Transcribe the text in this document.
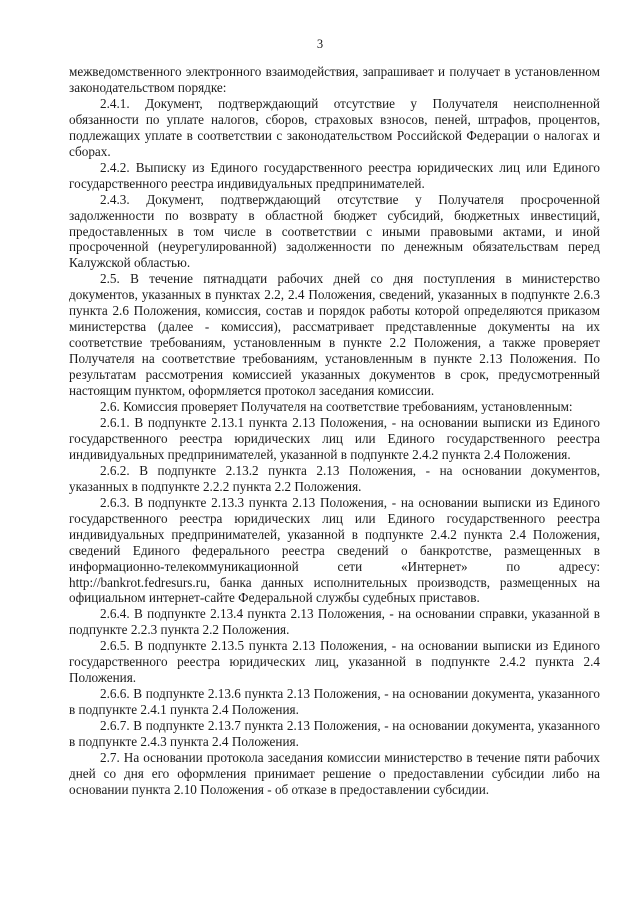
3

межведомственного электронного взаимодействия, запрашивает и получает в установленном законодательством порядке:

2.4.1. Документ, подтверждающий отсутствие у Получателя неисполненной обязанности по уплате налогов, сборов, страховых взносов, пеней, штрафов, процентов, подлежащих уплате в соответствии с законодательством Российской Федерации о налогах и сборах.

2.4.2. Выписку из Единого государственного реестра юридических лиц или Единого государственного реестра индивидуальных предпринимателей.

2.4.3. Документ, подтверждающий отсутствие у Получателя просроченной задолженности по возврату в областной бюджет субсидий, бюджетных инвестиций, предоставленных в том числе в соответствии с иными правовыми актами, и иной просроченной (неурегулированной) задолженности по денежным обязательствам перед Калужской областью.

2.5. В течение пятнадцати рабочих дней со дня поступления в министерство документов, указанных в пунктах 2.2, 2.4 Положения, сведений, указанных в подпункте 2.6.3 пункта 2.6 Положения, комиссия, состав и порядок работы которой определяются приказом министерства (далее - комиссия), рассматривает представленные документы на их соответствие требованиям, установленным в пункте 2.2 Положения, а также проверяет Получателя на соответствие требованиям, установленным в пункте 2.13 Положения. По результатам рассмотрения комиссией указанных документов в срок, предусмотренный настоящим пунктом, оформляется протокол заседания комиссии.

2.6. Комиссия проверяет Получателя на соответствие требованиям, установленным:

2.6.1. В подпункте 2.13.1 пункта 2.13 Положения, - на основании выписки из Единого государственного реестра юридических лиц или Единого государственного реестра индивидуальных предпринимателей, указанной в подпункте 2.4.2 пункта 2.4 Положения.

2.6.2. В подпункте 2.13.2 пункта 2.13 Положения, - на основании документов, указанных в подпункте 2.2.2 пункта 2.2 Положения.

2.6.3. В подпункте 2.13.3 пункта 2.13 Положения, - на основании выписки из Единого государственного реестра юридических лиц или Единого государственного реестра индивидуальных предпринимателей, указанной в подпункте 2.4.2 пункта 2.4 Положения, сведений Единого федерального реестра сведений о банкротстве, размещенных в информационно-телекоммуникационной сети «Интернет» по адресу: http://bankrot.fedresurs.ru, банка данных исполнительных производств, размещенных на официальном интернет-сайте Федеральной службы судебных приставов.

2.6.4. В подпункте 2.13.4 пункта 2.13 Положения, - на основании справки, указанной в подпункте 2.2.3 пункта 2.2 Положения.

2.6.5. В подпункте 2.13.5 пункта 2.13 Положения, - на основании выписки из Единого государственного реестра юридических лиц, указанной в подпункте 2.4.2 пункта 2.4 Положения.

2.6.6. В подпункте 2.13.6 пункта 2.13 Положения, - на основании документа, указанного в подпункте 2.4.1 пункта 2.4 Положения.

2.6.7. В подпункте 2.13.7 пункта 2.13 Положения, - на основании документа, указанного в подпункте 2.4.3 пункта 2.4 Положения.

2.7. На основании протокола заседания комиссии министерство в течение пяти рабочих дней со дня его оформления принимает решение о предоставлении субсидии либо на основании пункта 2.10 Положения - об отказе в предоставлении субсидии.
